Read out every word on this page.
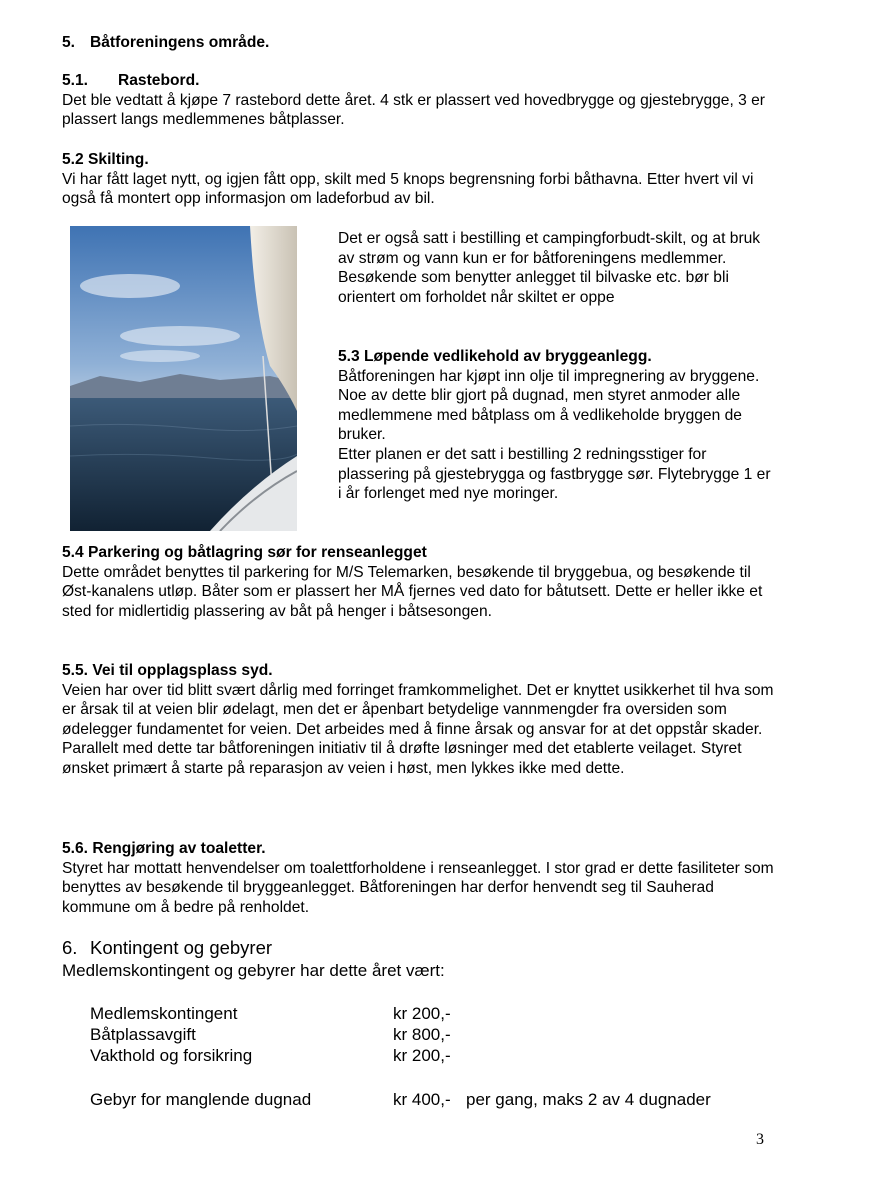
5. Båtforeningens område.
5.1. Rastebord.
Det ble vedtatt å kjøpe 7 rastebord dette året. 4 stk er plassert ved hovedbrygge og gjestebrygge, 3 er plassert langs medlemmenes båtplasser.
5.2 Skilting.
Vi har fått laget nytt, og igjen fått opp, skilt med 5 knops begrensning forbi båthavna. Etter hvert vil vi også få montert opp informasjon om ladeforbud av bil.
Det er også satt i bestilling et campingforbudt-skilt, og at bruk av strøm og vann kun er for båtforeningens medlemmer. Besøkende som benytter anlegget til bilvaske etc. bør bli orientert om forholdet når skiltet er oppe
5.3 Løpende vedlikehold av bryggeanlegg.
Båtforeningen har kjøpt inn olje til impregnering av bryggene. Noe av dette blir gjort på dugnad, men styret anmoder alle medlemmene med båtplass om å vedlikeholde bryggen de bruker.
Etter planen er det satt i bestilling 2 redningsstiger for plassering på gjestebrygga og fastbrygge sør. Flytebrygge 1 er i år forlenget med nye moringer.
5.4 Parkering og båtlagring sør for renseanlegget
Dette området benyttes til parkering for M/S Telemarken, besøkende til bryggebua, og besøkende til Øst-kanalens utløp. Båter som er plassert her MÅ fjernes ved dato for båtutsett. Dette er heller ikke et sted for midlertidig plassering av båt på henger i båtsesongen.
5.5. Vei til opplagsplass syd.
Veien har over tid blitt svært dårlig med forringet framkommelighet. Det er knyttet usikkerhet til hva som er årsak til at veien blir ødelagt, men det er åpenbart betydelige vannmengder fra oversiden som ødelegger fundamentet for veien. Det arbeides med å finne årsak og ansvar for at det oppstår skader. Parallelt med dette tar båtforeningen initiativ til å drøfte løsninger med det etablerte veilaget. Styret ønsket primært å starte på reparasjon av veien i høst, men lykkes ikke med dette.
5.6. Rengjøring av toaletter.
Styret har mottatt henvendelser om toalettforholdene i renseanlegget. I stor grad er dette fasiliteter som benyttes av besøkende til bryggeanlegget. Båtforeningen har derfor henvendt seg til Sauherad kommune om å bedre på renholdet.
6. Kontingent og gebyrer
Medlemskontingent og gebyrer har dette året vært:
Medlemskontingent	kr 200,-
Båtplassavgift	kr 800,-
Vakthold og forsikring	kr 200,-
Gebyr for manglende dugnad	kr 400,- per gang, maks 2 av 4 dugnader
3
